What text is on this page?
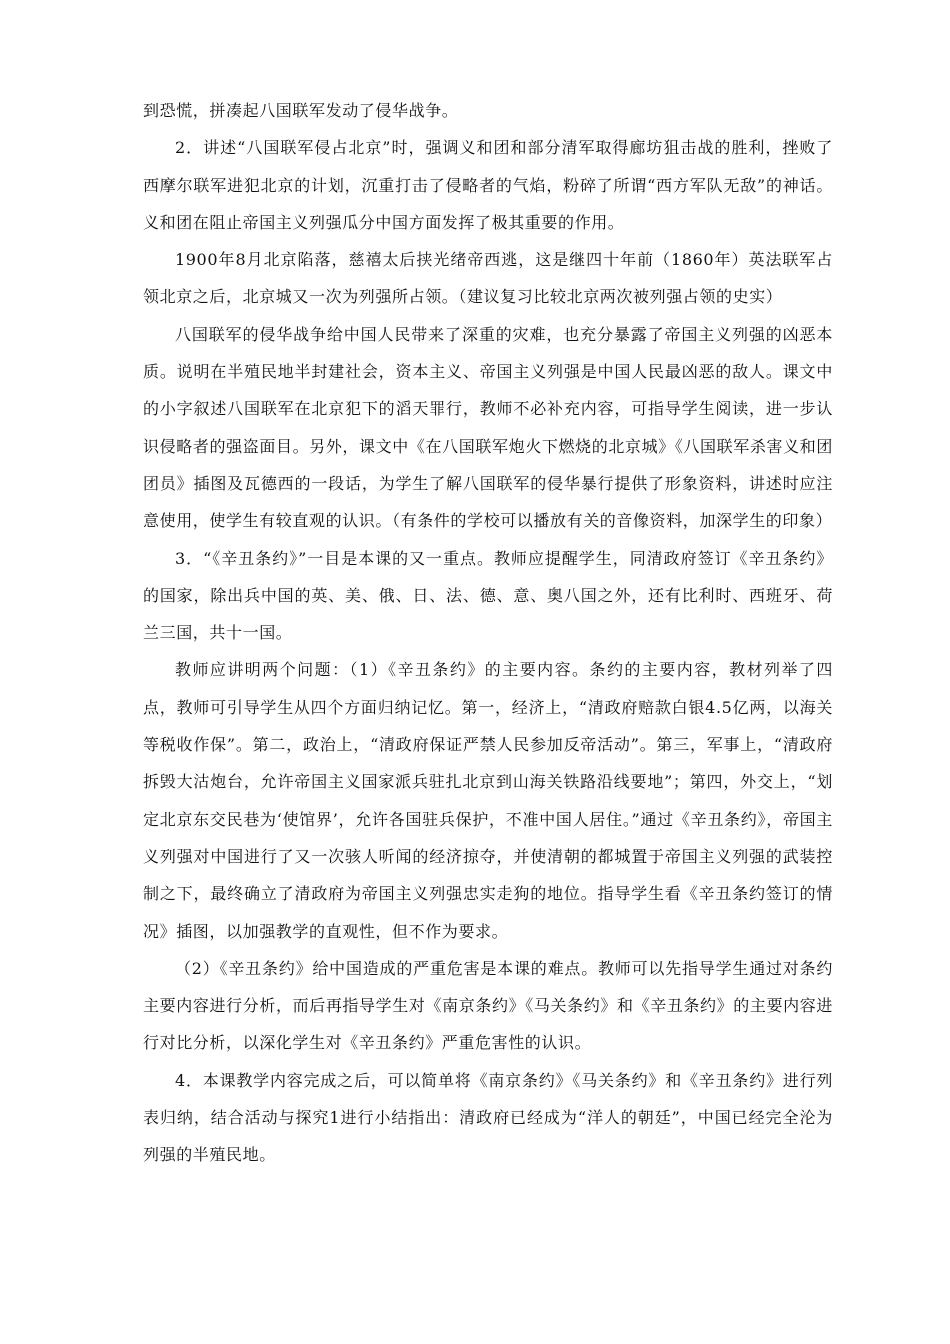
到恐慌，拼凑起八国联军发动了侵华战争。

2．讲述“八国联军侵占北京”时，强调义和团和部分清军取得廊坊狙击战的胜利，挫败了西摩尔联军进犯北京的计划，沉重打击了侵略者的气焰，粉碎了所谓“西方军队无敌”的神话。义和团在阻止帝国主义列强瓜分中国方面发挥了极其重要的作用。

1900年8月北京陷落，慈禧太后挟光绪帝西逃，这是继四十年前（1860年）英法联军占领北京之后，北京城又一次为列强所占领。（建议复习比较北京两次被列强占领的史实）

八国联军的侵华战争给中国人民带来了深重的灾难，也充分暴露了帝国主义列强的凶恶本质。说明在半殖民地半封建社会，资本主义、帝国主义列强是中国人民最凶恶的敌人。课文中的小字叙述八国联军在北京犯下的滔天罪行，教师不必补充内容，可指导学生阅读，进一步认识侵略者的强盗面目。另外，课文中《在八国联军炮火下燃烧的北京城》《八国联军杀害义和团团员》插图及瓦德西的一段话，为学生了解八国联军的侵华暴行提供了形象资料，讲述时应注意使用，使学生有较直观的认识。（有条件的学校可以播放有关的音像资料，加深学生的印象）

3．“《辛丑条约》”一目是本课的又一重点。教师应提醒学生，同清政府签订《辛丑条约》的国家，除出兵中国的英、美、俄、日、法、德、意、奥八国之外，还有比利时、西班牙、荷兰三国，共十一国。

教师应讲明两个问题：（1）《辛丑条约》的主要内容。条约的主要内容，教材列举了四点，教师可引导学生从四个方面归纳记忆。第一，经济上，“清政府赔款白银4.5亿两，以海关等税收作保”。第二，政治上，“清政府保证严禁人民参加反帝活动”。第三，军事上，“清政府拆毁大沽炮台，允许帝国主义国家派兵驻扎北京到山海关铁路沿线要地”；第四，外交上，“划定北京东交民巷为‘使馆界’，允许各国驻兵保护，不准中国人居住。”通过《辛丑条约》，帝国主义列强对中国进行了又一次骇人听闻的经济掠夺，并使清朝的都城置于帝国主义列强的武装控制之下，最终确立了清政府为帝国主义列强忠实走狗的地位。指导学生看《辛丑条约签订的情况》插图，以加强教学的直观性，但不作为要求。

（2）《辛丑条约》给中国造成的严重危害是本课的难点。教师可以先指导学生通过对条约主要内容进行分析，而后再指导学生对《南京条约》《马关条约》和《辛丑条约》的主要内容进行对比分析，以深化学生对《辛丑条约》严重危害性的认识。

4．本课教学内容完成之后，可以简单将《南京条约》《马关条约》和《辛丑条约》进行列表归纳，结合活动与探究1进行小结指出：清政府已经成为“洋人的朝廷”，中国已经完全沦为列强的半殖民地。
